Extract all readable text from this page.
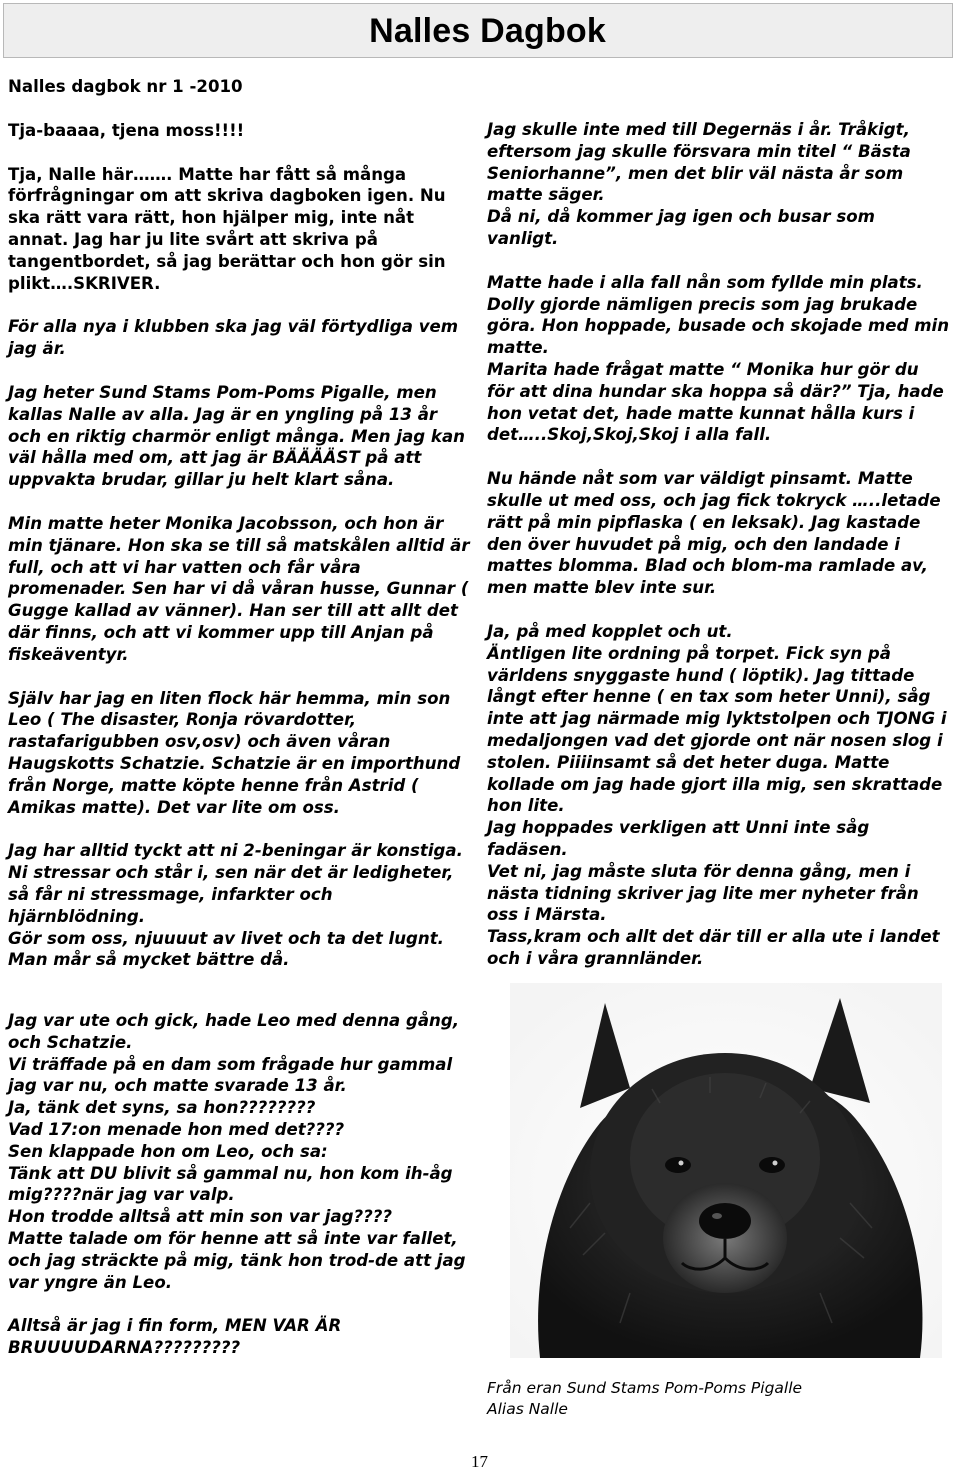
Nalles Dagbok

Nalles dagbok nr 1 -2010

Tja-baaaa, tjena moss!!!!

Tja, Nalle här……. Matte har fått så många förfrågningar om att skriva dagboken igen. Nu ska rätt vara rätt, hon hjälper mig, inte nåt annat. Jag har ju lite svårt att skriva på tangentbordet, så jag berättar och hon gör sin plikt….SKRIVER.

För alla nya i klubben ska jag väl förtydliga vem jag är.

Jag heter Sund Stams Pom-Poms Pigalle, men kallas Nalle av alla. Jag är en yngling på 13 år och en riktig charmör enligt många. Men jag kan väl hålla med om, att jag är BÄÄÄÄST på att uppvakta brudar, gillar ju helt klart såna.

Min matte heter Monika Jacobsson, och hon är min tjänare. Hon ska se till så matskålen alltid är full, och att vi har vatten och får våra promenader. Sen har vi då våran husse, Gunnar ( Gugge kallad av vänner). Han ser till att allt det där finns, och att vi kommer upp till Anjan på fiskeäventyr.

Själv har jag en liten flock här hemma, min son Leo ( The disaster, Ronja rövardotter, rastafarigubben osv,osv) och även våran Haugskotts Schatzie. Schatzie är en importhund från Norge, matte köpte henne från Astrid ( Amikas matte). Det var lite om oss.

Jag har alltid tyckt att ni 2-beningar är konstiga. Ni stressar och står i, sen när det är ledigheter, så får ni stressmage, infarkter och hjärnblödning.

Gör som oss, njuuuut av livet och ta det lugnt. Man mår så mycket bättre då.

Jag var ute och gick, hade Leo med denna gång, och Schatzie.

Vi träffade på en dam som frågade hur gammal jag var nu, och matte svarade 13 år.

Ja, tänk det syns, sa hon????????

Vad 17:on menade hon med det????

Sen klappade hon om Leo, och sa:

Tänk att DU blivit så gammal nu, hon kom ih-åg mig????när jag var valp.

Hon trodde alltså att min son var jag????

Matte talade om för henne att så inte var fallet, och jag sträckte på mig, tänk hon trod-de att jag var yngre än Leo.

Alltså är jag i fin form, MEN VAR ÄR BRUUUUDARNA?????????

Jag skulle inte med till Degernäs i år. Tråkigt, eftersom jag skulle försvara min titel “ Bästa Seniorhanne”, men det blir väl nästa år som matte säger.

Då ni, då kommer jag igen och busar som vanligt.

Matte hade i alla fall nån som fyllde min plats. Dolly gjorde nämligen precis som jag brukade göra. Hon hoppade, busade och skojade med min matte.

Marita hade frågat matte “ Monika hur gör du för att dina hundar ska hoppa så där?” Tja, hade hon vetat det, hade matte kunnat hålla kurs i det…..Skoj,Skoj,Skoj i alla fall.

Nu hände nåt som var väldigt pinsamt. Matte skulle ut med oss, och jag fick tokryck …..letade rätt på min pipflaska ( en leksak). Jag kastade den över huvudet på mig, och den landade i mattes blomma. Blad och blom-ma ramlade av, men matte blev inte sur.

Ja, på med kopplet och ut.

Äntligen lite ordning på torpet. Fick syn på världens snyggaste hund ( löptik). Jag tittade långt efter henne ( en tax som heter Unni), såg inte att jag närmade mig lyktstolpen och TJONG i medaljongen vad det gjorde ont när nosen slog i stolen. Piiiinsamt så det heter duga. Matte kollade om jag hade gjort illa mig, sen skrattade hon lite.

Jag hoppades verkligen att Unni inte såg fadäsen.

Vet ni, jag måste sluta för denna gång, men i nästa tidning skriver jag lite mer nyheter från oss i Märsta.

Tass,kram och allt det där till er alla ute i landet och i våra grannländer.

Från eran Sund Stams Pom-Poms Pigalle
Alias Nalle
17
